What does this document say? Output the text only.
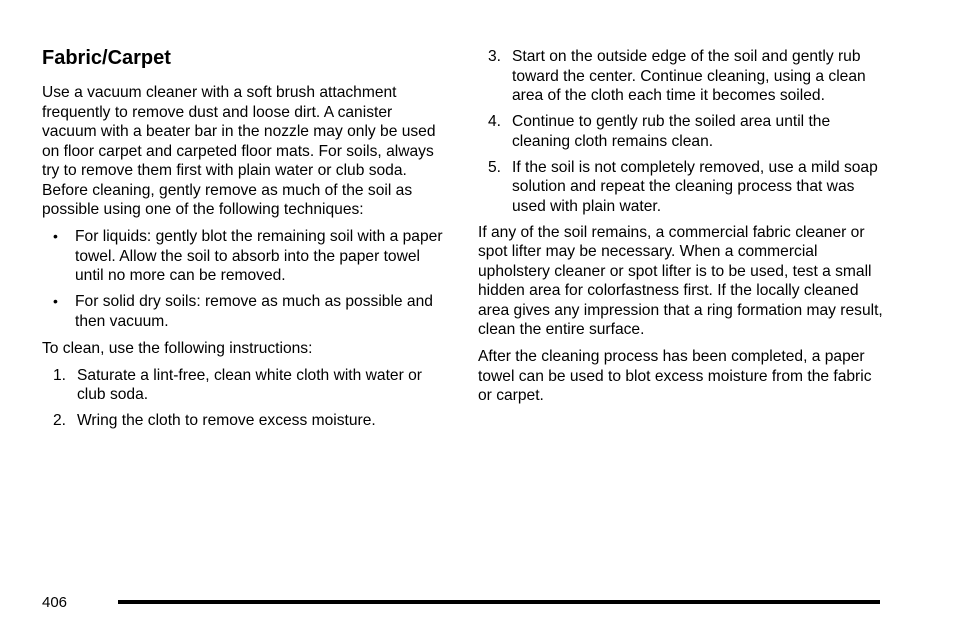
Fabric/Carpet

Use a vacuum cleaner with a soft brush attachment frequently to remove dust and loose dirt. A canister vacuum with a beater bar in the nozzle may only be used on floor carpet and carpeted floor mats. For soils, always try to remove them first with plain water or club soda. Before cleaning, gently remove as much of the soil as possible using one of the following techniques:

• For liquids: gently blot the remaining soil with a paper towel. Allow the soil to absorb into the paper towel until no more can be removed.
• For solid dry soils: remove as much as possible and then vacuum.

To clean, use the following instructions:

1. Saturate a lint-free, clean white cloth with water or club soda.
2. Wring the cloth to remove excess moisture.
3. Start on the outside edge of the soil and gently rub toward the center. Continue cleaning, using a clean area of the cloth each time it becomes soiled.
4. Continue to gently rub the soiled area until the cleaning cloth remains clean.
5. If the soil is not completely removed, use a mild soap solution and repeat the cleaning process that was used with plain water.

If any of the soil remains, a commercial fabric cleaner or spot lifter may be necessary. When a commercial upholstery cleaner or spot lifter is to be used, test a small hidden area for colorfastness first. If the locally cleaned area gives any impression that a ring formation may result, clean the entire surface.

After the cleaning process has been completed, a paper towel can be used to blot excess moisture from the fabric or carpet.

406
